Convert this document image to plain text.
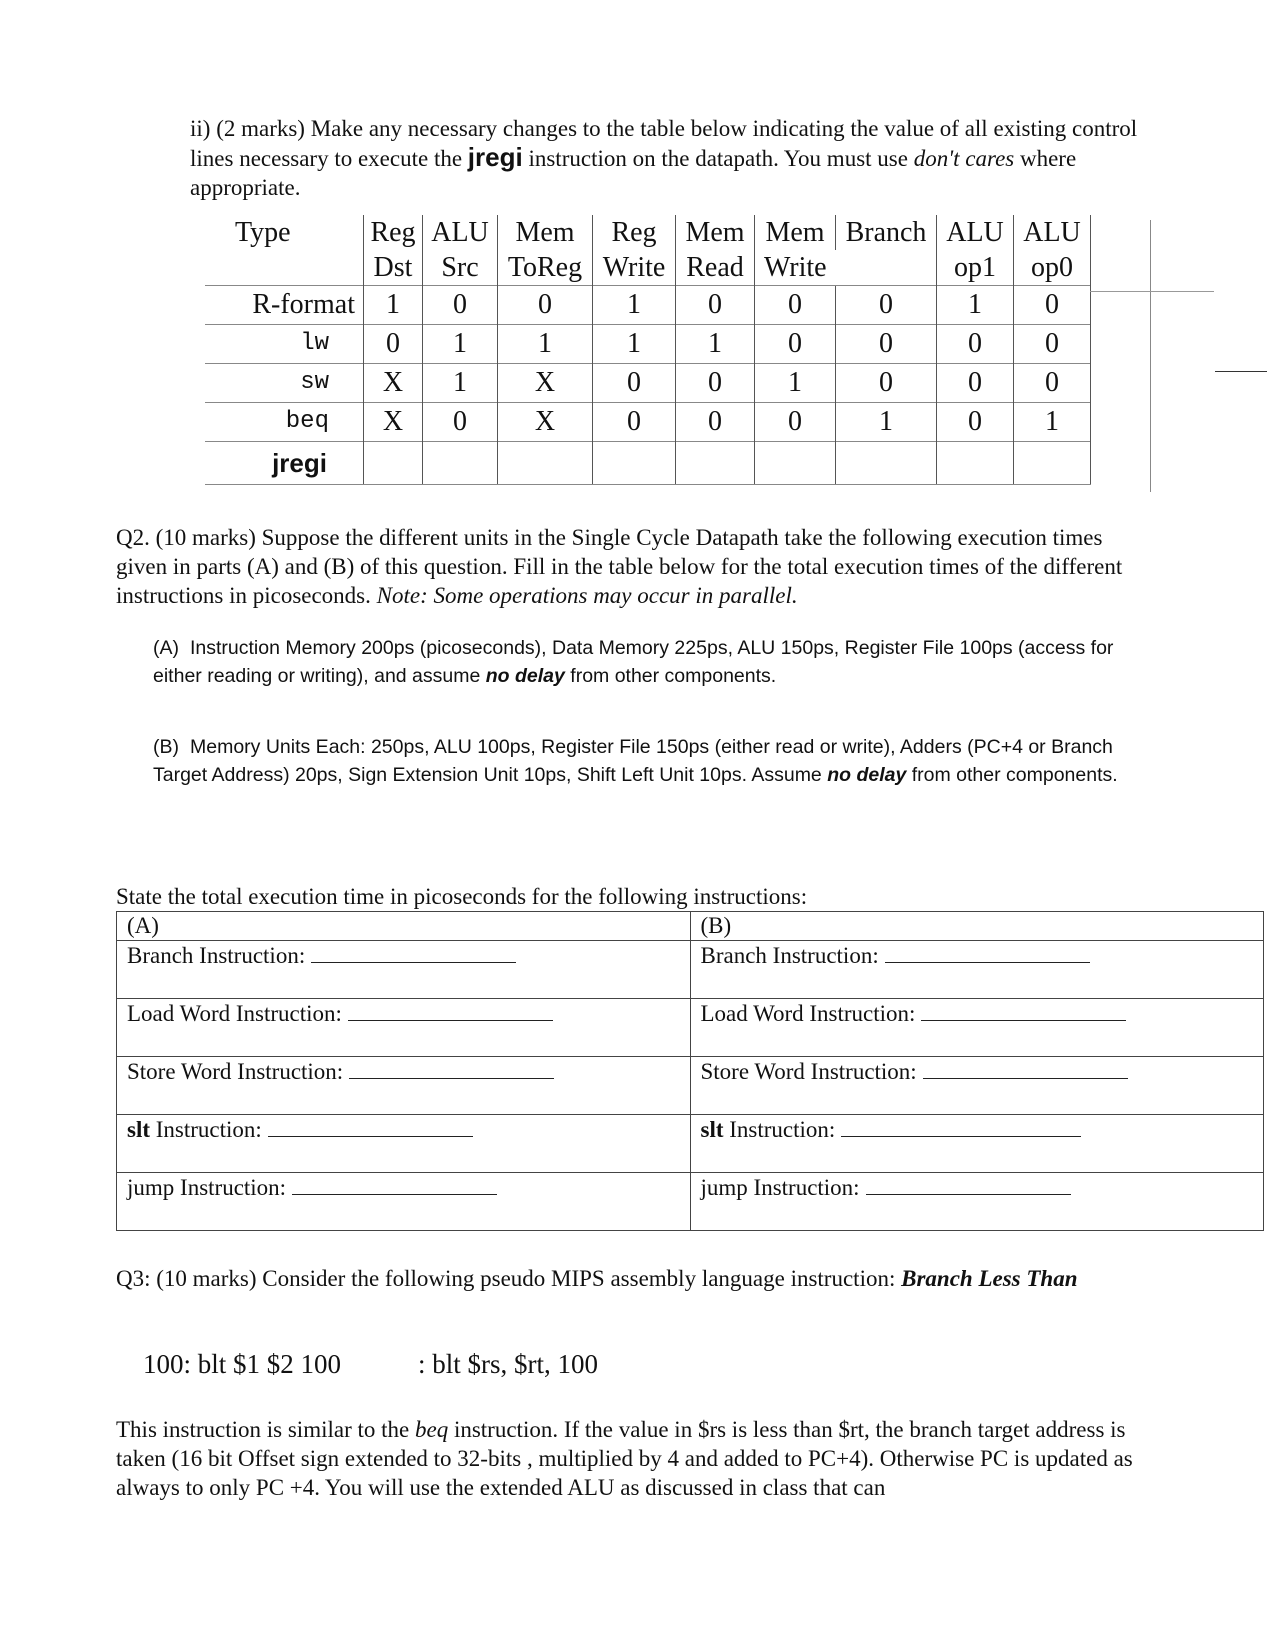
ii) (2 marks) Make any necessary changes to the table below indicating the value of all existing control lines necessary to execute the jregi instruction on the datapath. You must use don't cares where appropriate.
Type	Reg	ALU	Mem	Reg	Mem	Mem	Branch	ALU	ALU
	Dst	Src	ToReg	Write	Read	Write		op1	op0
R-format	1	0	0	1	0	0	0	1	0
lw	0	1	1	1	1	0	0	0	0
sw	X	1	X	0	0	1	0	0	0
beq	X	0	X	0	0	0	1	0	1
jregi									
Q2. (10 marks) Suppose the different units in the Single Cycle Datapath take the following execution times given in parts (A) and (B) of this question. Fill in the table below for the total execution times of the different instructions in picoseconds. Note: Some operations may occur in parallel.
(A) Instruction Memory 200ps (picoseconds), Data Memory 225ps, ALU 150ps, Register File 100ps (access for either reading or writing), and assume no delay from other components.
(B) Memory Units Each: 250ps, ALU 100ps, Register File 150ps (either read or write), Adders (PC+4 or Branch Target Address) 20ps, Sign Extension Unit 10ps, Shift Left Unit 10ps. Assume no delay from other components.
State the total execution time in picoseconds for the following instructions:
(A)	(B)
Branch Instruction:	Branch Instruction:
Load Word Instruction:	Load Word Instruction:
Store Word Instruction:	Store Word Instruction:
slt Instruction:	slt Instruction:
jump Instruction:	jump Instruction:
Q3: (10 marks) Consider the following pseudo MIPS assembly language instruction: Branch Less Than
100: blt $1 $2 100	: blt $rs, $rt, 100
This instruction is similar to the beq instruction. If the value in $rs is less than $rt, the branch target address is taken (16 bit Offset sign extended to 32-bits , multiplied by 4 and added to PC+4). Otherwise PC is updated as always to only PC +4. You will use the extended ALU as discussed in class that can
